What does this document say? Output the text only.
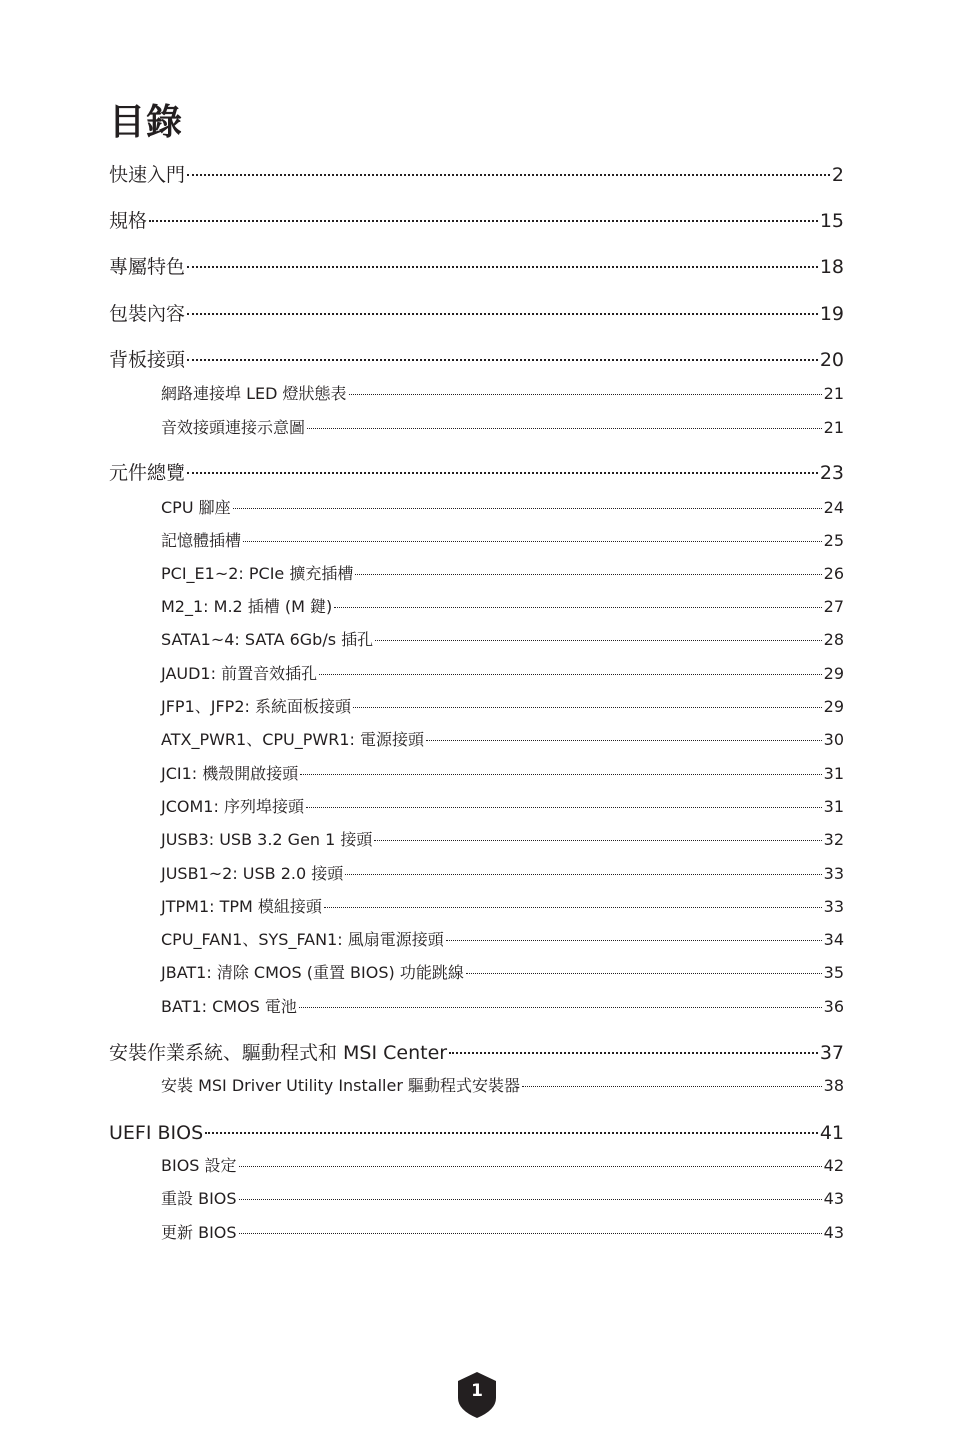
目錄
快速入門	2
規格	15
專屬特色	18
包裝內容	19
背板接頭	20
網路連接埠 LED 燈狀態表	21
音效接頭連接示意圖	21
元件總覽	23
CPU 腳座	24
記憶體插槽	25
PCI_E1~2: PCIe 擴充插槽	26
M2_1: M.2 插槽 (M 鍵)	27
SATA1~4: SATA 6Gb/s 插孔	28
JAUD1: 前置音效插孔	29
JFP1、JFP2: 系統面板接頭	29
ATX_PWR1、CPU_PWR1: 電源接頭	30
JCI1: 機殼開啟接頭	31
JCOM1: 序列埠接頭	31
JUSB3: USB 3.2 Gen 1 接頭	32
JUSB1~2: USB 2.0 接頭	33
JTPM1: TPM 模組接頭	33
CPU_FAN1、SYS_FAN1: 風扇電源接頭	34
JBAT1: 清除 CMOS (重置 BIOS) 功能跳線	35
BAT1: CMOS 電池	36
安裝作業系統、驅動程式和 MSI Center	37
安裝 MSI Driver Utility Installer 驅動程式安裝器	38
UEFI BIOS	41
BIOS 設定	42
重設 BIOS	43
更新 BIOS	43
1
